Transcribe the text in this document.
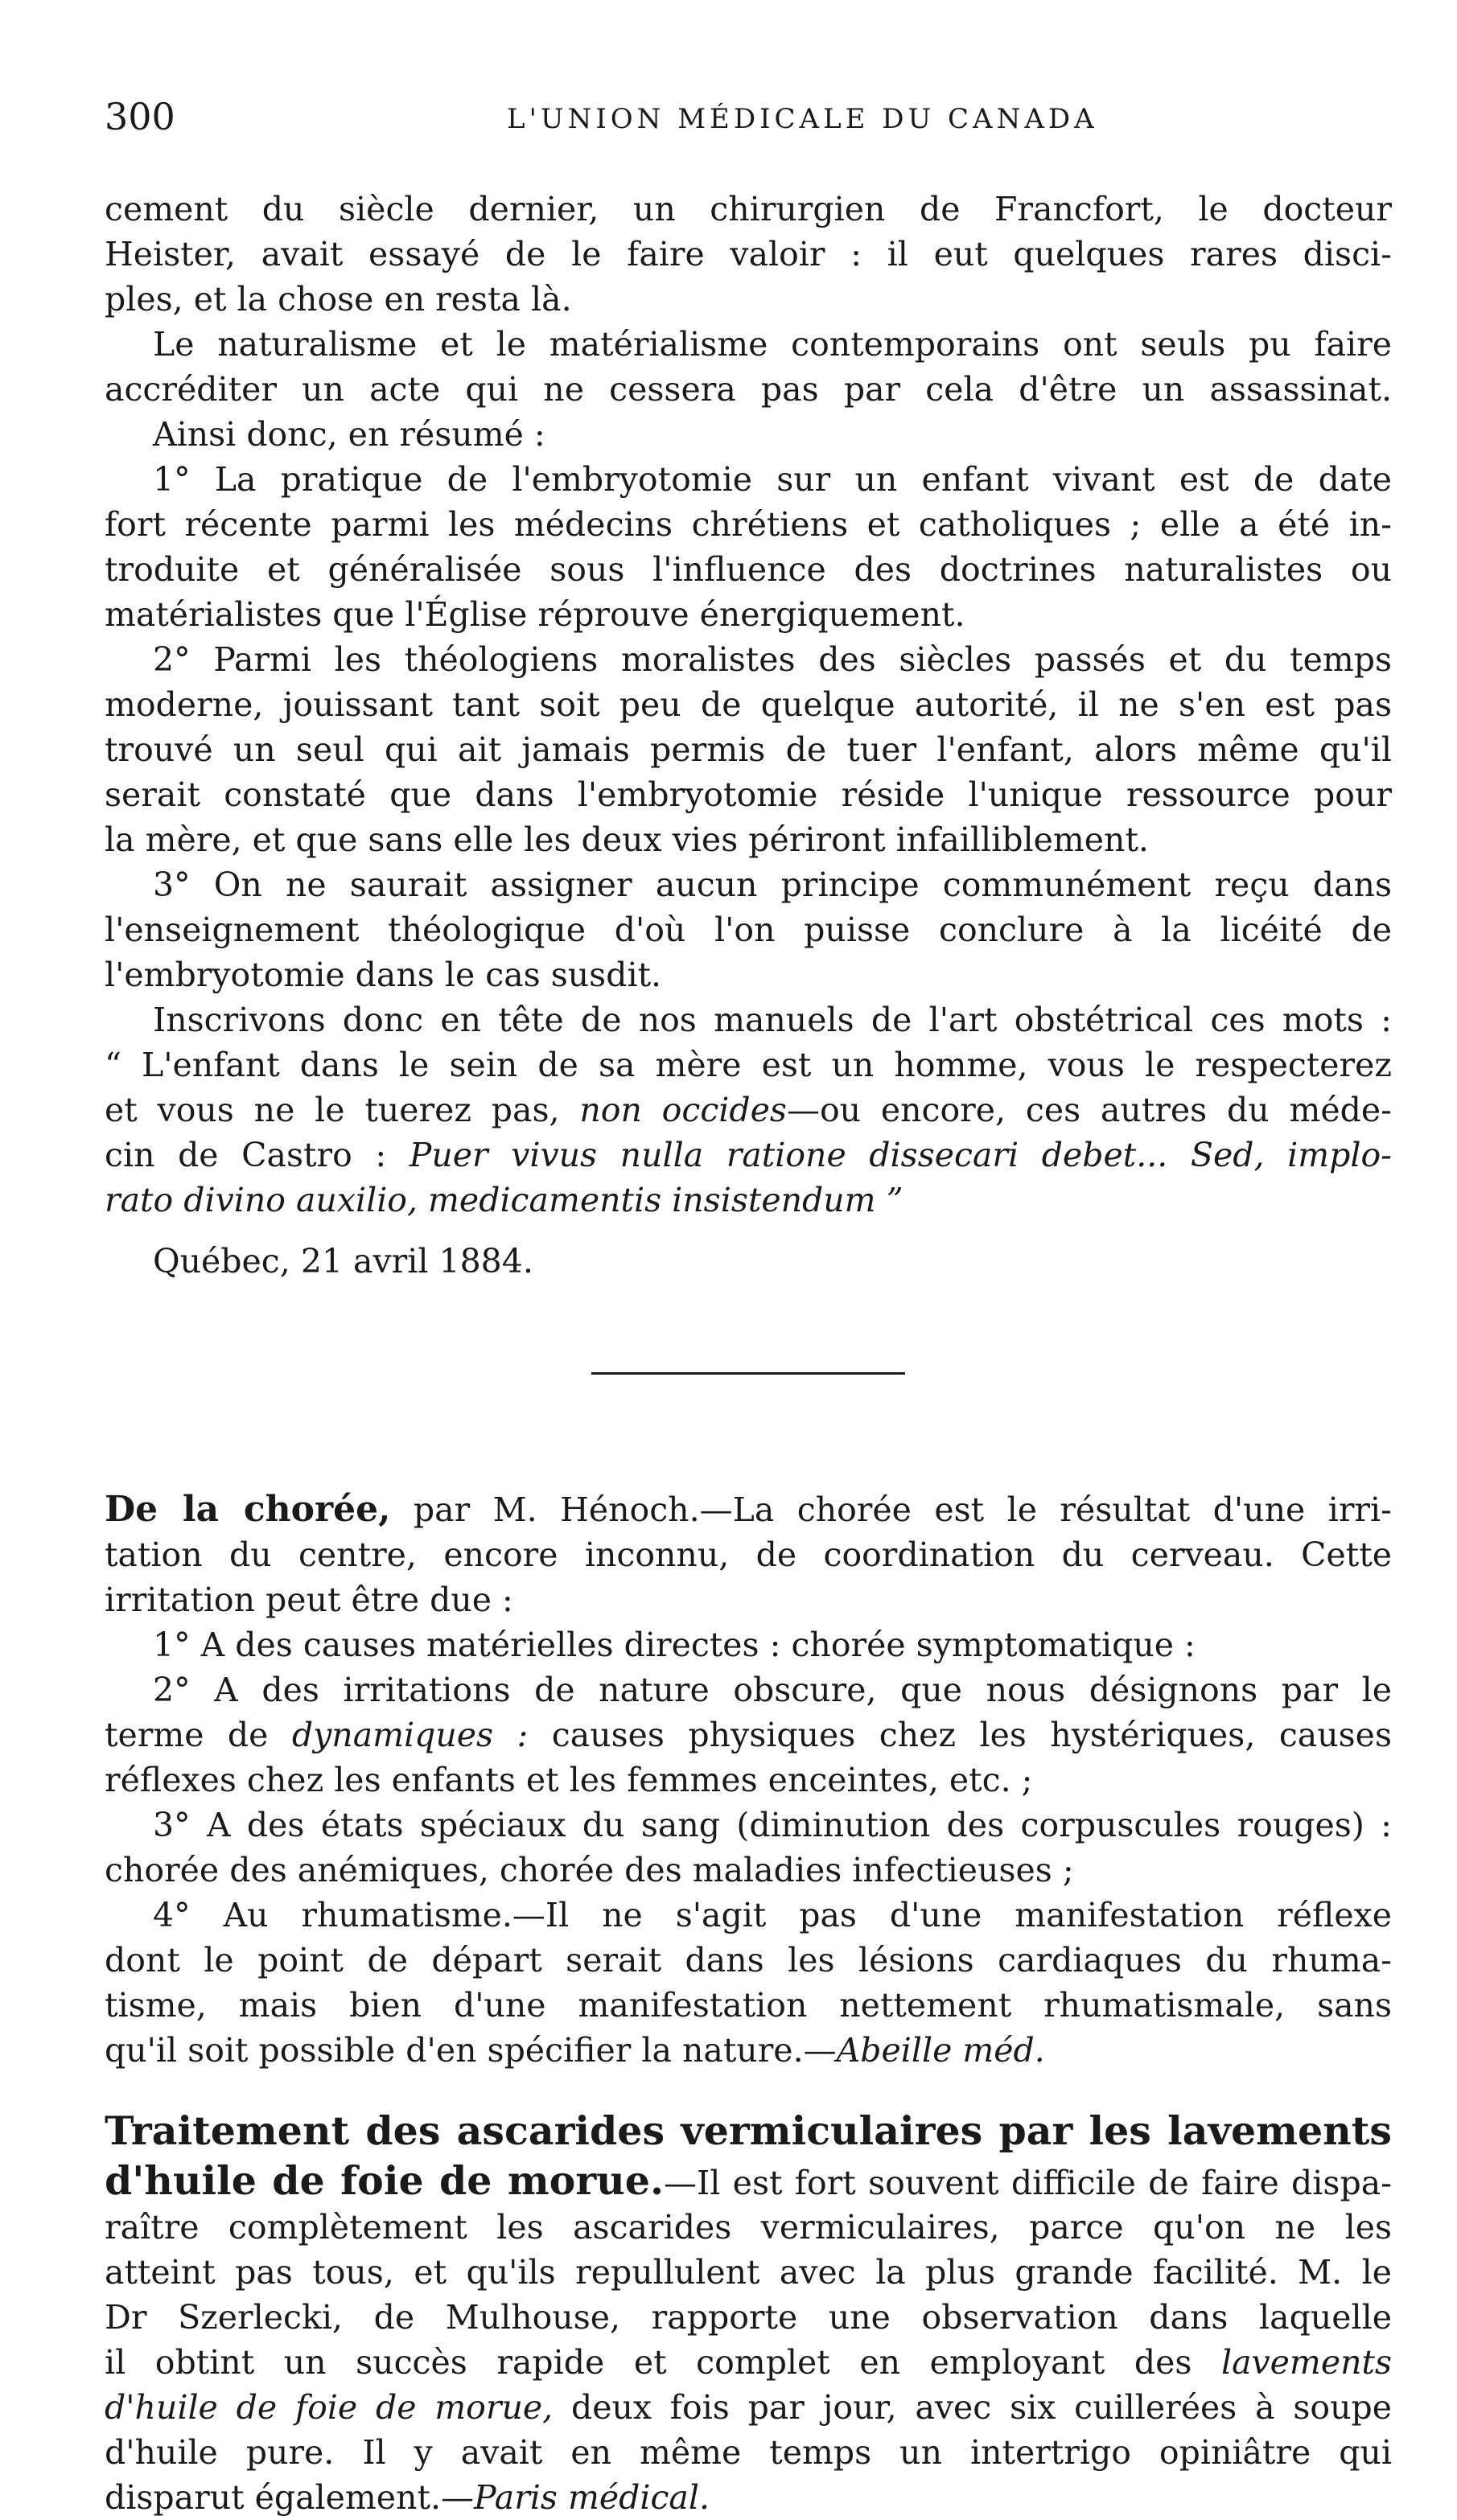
300	L'UNION MÉDICALE DU CANADA
cement du siècle dernier, un chirurgien de Francfort, le docteur
Heister, avait essayé de le faire valoir : il eut quelques rares disci-
ples, et la chose en resta là.
Le naturalisme et le matérialisme contemporains ont seuls pu faire
accréditer un acte qui ne cessera pas par cela d'être un assassinat.
Ainsi donc, en résumé :
1° La pratique de l'embryotomie sur un enfant vivant est de date
fort récente parmi les médecins chrétiens et catholiques ; elle a été in-
troduite et généralisée sous l'influence des doctrines naturalistes ou
matérialistes que l'Église réprouve énergiquement.
2° Parmi les théologiens moralistes des siècles passés et du temps
moderne, jouissant tant soit peu de quelque autorité, il ne s'en est pas
trouvé un seul qui ait jamais permis de tuer l'enfant, alors même qu'il
serait constaté que dans l'embryotomie réside l'unique ressource pour
la mère, et que sans elle les deux vies périront infailliblement.
3° On ne saurait assigner aucun principe communément reçu dans
l'enseignement théologique d'où l'on puisse conclure à la licéité de
l'embryotomie dans le cas susdit.
Inscrivons donc en tête de nos manuels de l'art obstétrical ces mots :
“ L'enfant dans le sein de sa mère est un homme, vous le respecterez
et vous ne le tuerez pas, non occides—ou encore, ces autres du méde-
cin de Castro : Puer vivus nulla ratione dissecari debet... Sed, implo-
rato divino auxilio, medicamentis insistendum ”
Québec, 21 avril 1884.
De la chorée, par M. Hénoch.—La chorée est le résultat d'une irri-
tation du centre, encore inconnu, de coordination du cerveau. Cette
irritation peut être due :
1° A des causes matérielles directes : chorée symptomatique :
2° A des irritations de nature obscure, que nous désignons par le
terme de dynamiques : causes physiques chez les hystériques, causes
réflexes chez les enfants et les femmes enceintes, etc. ;
3° A des états spéciaux du sang (diminution des corpuscules rouges) :
chorée des anémiques, chorée des maladies infectieuses ;
4° Au rhumatisme.—Il ne s'agit pas d'une manifestation réflexe
dont le point de départ serait dans les lésions cardiaques du rhuma-
tisme, mais bien d'une manifestation nettement rhumatismale, sans
qu'il soit possible d'en spécifier la nature.—Abeille méd.
Traitement des ascarides vermiculaires par les lavements
d'huile de foie de morue.—Il est fort souvent difficile de faire dispa-
raître complètement les ascarides vermiculaires, parce qu'on ne les
atteint pas tous, et qu'ils repullulent avec la plus grande facilité. M. le
Dr Szerlecki, de Mulhouse, rapporte une observation dans laquelle
il obtint un succès rapide et complet en employant des lavements
d'huile de foie de morue, deux fois par jour, avec six cuillerées à soupe
d'huile pure. Il y avait en même temps un intertrigo opiniâtre qui
disparut également.—Paris médical.
